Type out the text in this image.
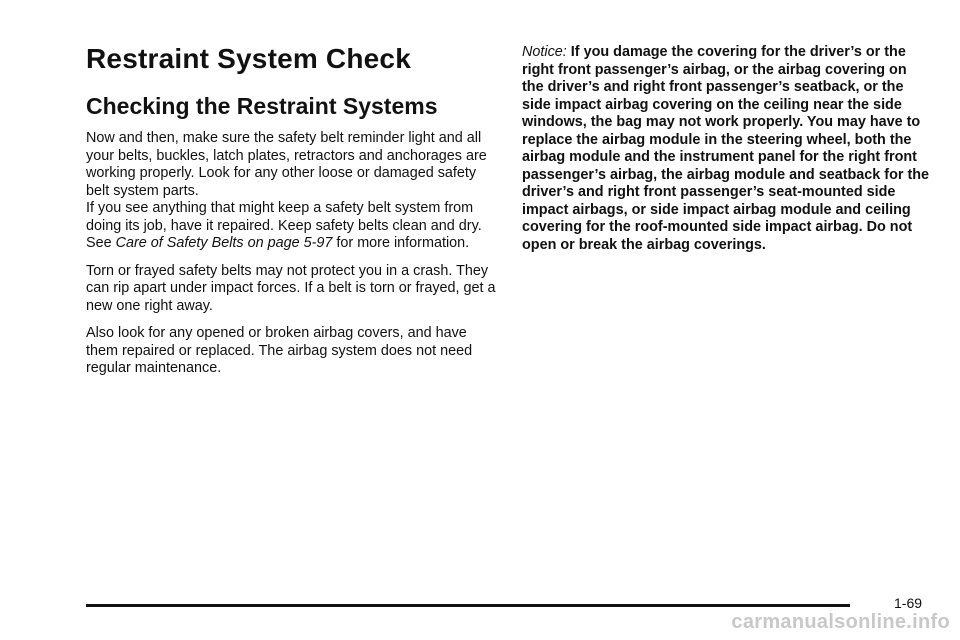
Restraint System Check
Checking the Restraint Systems

Now and then, make sure the safety belt reminder light and all your belts, buckles, latch plates, retractors and anchorages are working properly. Look for any other loose or damaged safety belt system parts.
If you see anything that might keep a safety belt system from doing its job, have it repaired. Keep safety belts clean and dry. See Care of Safety Belts on page 5-97 for more information.

Torn or frayed safety belts may not protect you in a crash. They can rip apart under impact forces. If a belt is torn or frayed, get a new one right away.

Also look for any opened or broken airbag covers, and have them repaired or replaced. The airbag system does not need regular maintenance.

Notice: If you damage the covering for the driver’s or the right front passenger’s airbag, or the airbag covering on the driver’s and right front passenger’s seatback, or the side impact airbag covering on the ceiling near the side windows, the bag may not work properly. You may have to replace the airbag module in the steering wheel, both the airbag module and the instrument panel for the right front passenger’s airbag, the airbag module and seatback for the driver’s and right front passenger’s seat-mounted side impact airbags, or side impact airbag module and ceiling covering for the roof-mounted side impact airbag. Do not open or break the airbag coverings.

1-69
carmanualsonline.info
